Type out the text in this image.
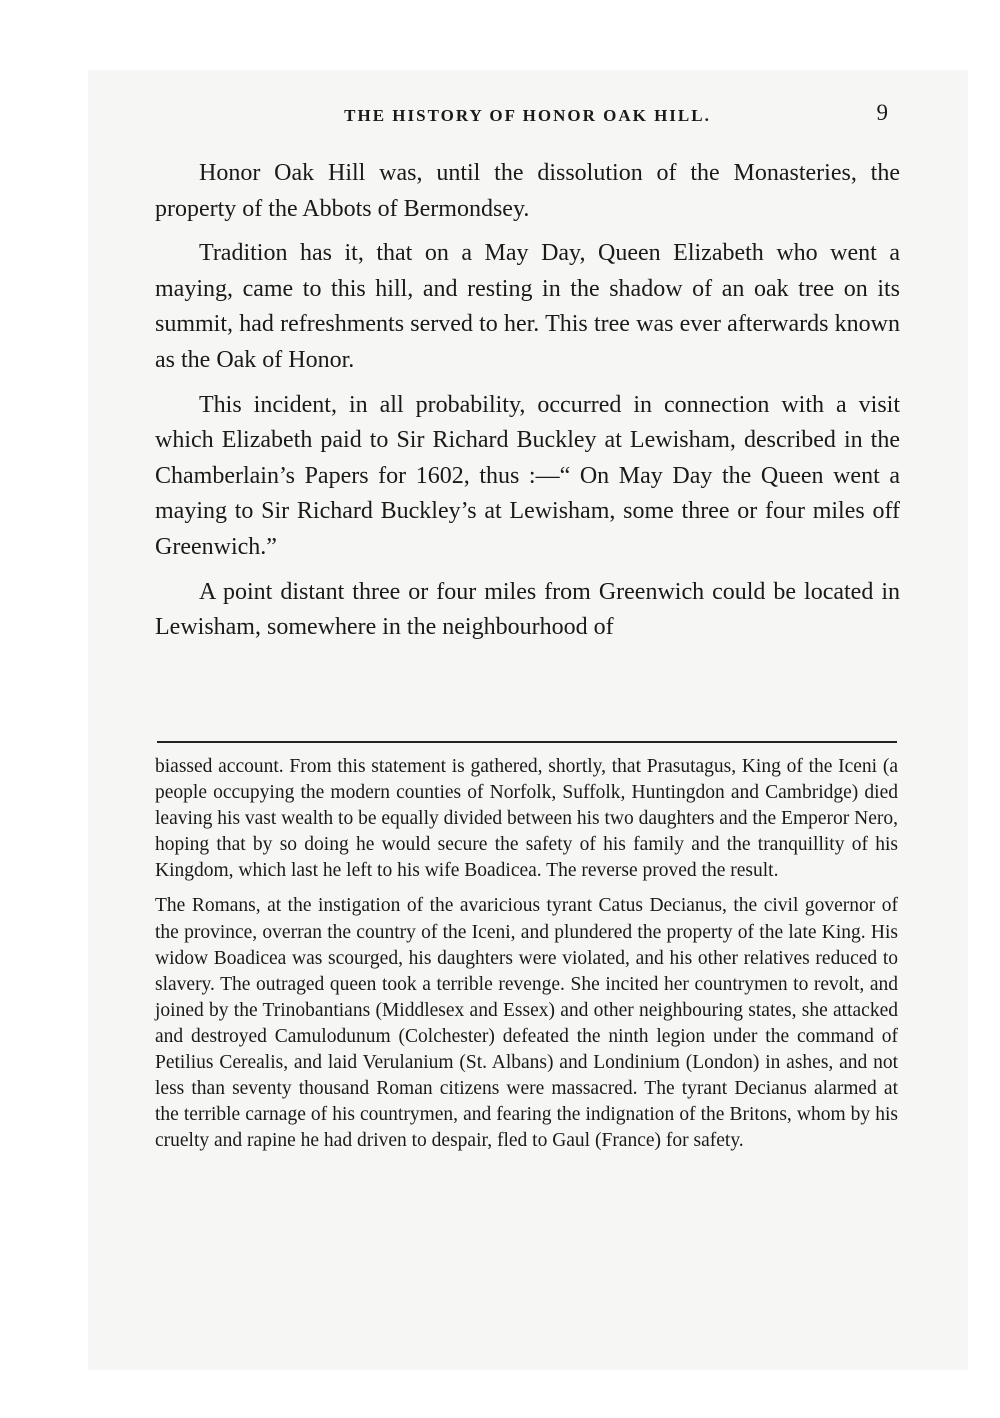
THE HISTORY OF HONOR OAK HILL.	9

Honor Oak Hill was, until the dissolution of the Monasteries, the property of the Abbots of Bermondsey.

Tradition has it, that on a May Day, Queen Elizabeth who went a maying, came to this hill, and resting in the shadow of an oak tree on its summit, had refreshments served to her. This tree was ever afterwards known as the Oak of Honor.

This incident, in all probability, occurred in connection with a visit which Elizabeth paid to Sir Richard Buckley at Lewisham, described in the Chamberlain’s Papers for 1602, thus :—“ On May Day the Queen went a maying to Sir Richard Buckley’s at Lewisham, some three or four miles off Greenwich.”

A point distant three or four miles from Greenwich could be located in Lewisham, somewhere in the neighbourhood of

biassed account. From this statement is gathered, shortly, that Prasutagus, King of the Iceni (a people occupying the modern counties of Norfolk, Suffolk, Huntingdon and Cambridge) died leaving his vast wealth to be equally divided between his two daughters and the Emperor Nero, hoping that by so doing he would secure the safety of his family and the tranquillity of his Kingdom, which last he left to his wife Boadicea. The reverse proved the result.

The Romans, at the instigation of the avaricious tyrant Catus Decianus, the civil governor of the province, overran the country of the Iceni, and plundered the property of the late King. His widow Boadicea was scourged, his daughters were violated, and his other relatives reduced to slavery. The outraged queen took a terrible revenge. She incited her countrymen to revolt, and joined by the Trinobantians (Middlesex and Essex) and other neighbouring states, she attacked and destroyed Camulodunum (Colchester) defeated the ninth legion under the command of Petilius Cerealis, and laid Verulanium (St. Albans) and Londinium (London) in ashes, and not less than seventy thousand Roman citizens were massacred. The tyrant Decianus alarmed at the terrible carnage of his countrymen, and fearing the indignation of the Britons, whom by his cruelty and rapine he had driven to despair, fled to Gaul (France) for safety.
